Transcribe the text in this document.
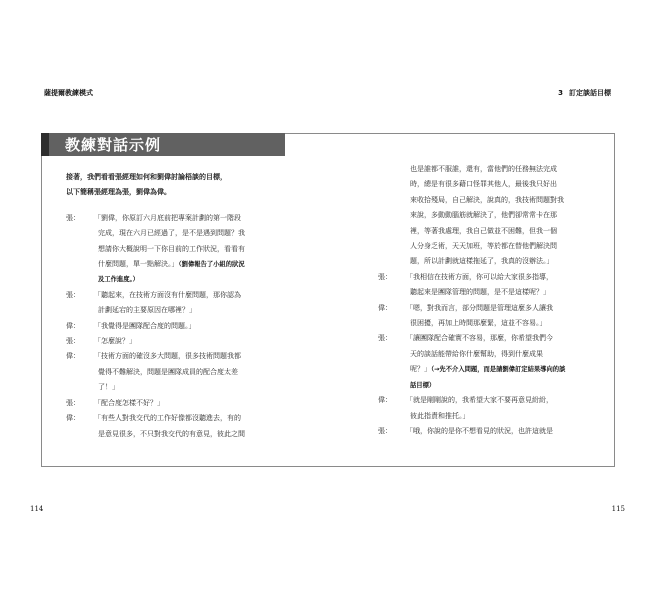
薩提爾教練模式	3 訂定談話目標
教練對話示例
接著，我們看看張經理如何和劉偉討論梧談的目標，
以下簡稱張經理為張，劉偉為偉。
張： 「劉偉，你原訂六月底前把專案計劃的第一階段
完成，現在六月已經過了，是不是遇到問題？我
想請你大概說明一下你目前的工作狀況，看看有
什麼問題，單一點解決。」（劉偉報告了小組的狀況
及工作進度。）
張： 「聽起來，在技術方面沒有什麼問題，那你認為
計劃延宕的主要原因在哪裡？」
偉： 「我覺得是團隊配合度的問題。」
張： 「怎麼說？」
偉： 「技術方面的確沒多大問題，很多技術問題我都
覺得不難解決，問題是團隊成員的配合度太差
了！」
張： 「配合度怎樣不好？」
偉： 「有些人對我交代的工作好像都沒聽進去，有的
是意見很多，不只對我交代的有意見，彼此之間
也是誰都不服誰，還有，當他們的任務無法完成
時，總是有很多藉口怪罪其他人，最後我只好出
來收拾殘局，自己解決，說真的，我技術問題對我
來說，多動動腦筋就解決了，他們卻常常卡在那
裡，等著我處理，我自己做並不困難，但我一個
人分身乏術，天天加班，等於都在替他們解決問
題，所以計劃就這樣拖延了，我真的沒辦法。」
張： 「我相信在技術方面，你可以給大家很多指導，
聽起來是團隊管理的問題，是不是這樣呢？」
偉： 「嗯，對我而言，部分問題是管理這麼多人讓我
很困擾，再加上時間那麼緊，這並不容易。」
張： 「讓團隊配合確實不容易，那麼，你希望我們今
天的談話能帶給你什麼幫助，得到什麼成果
呢？」（→先不介入問題，而是請劉偉訂定結果導向的談
話目標）
偉： 「就是剛剛說的，我希望大家不要再意見紛紛，
彼此指責和推托。」
張： 「哦，你說的是你不想看見的狀況，也許這就是
114	115
